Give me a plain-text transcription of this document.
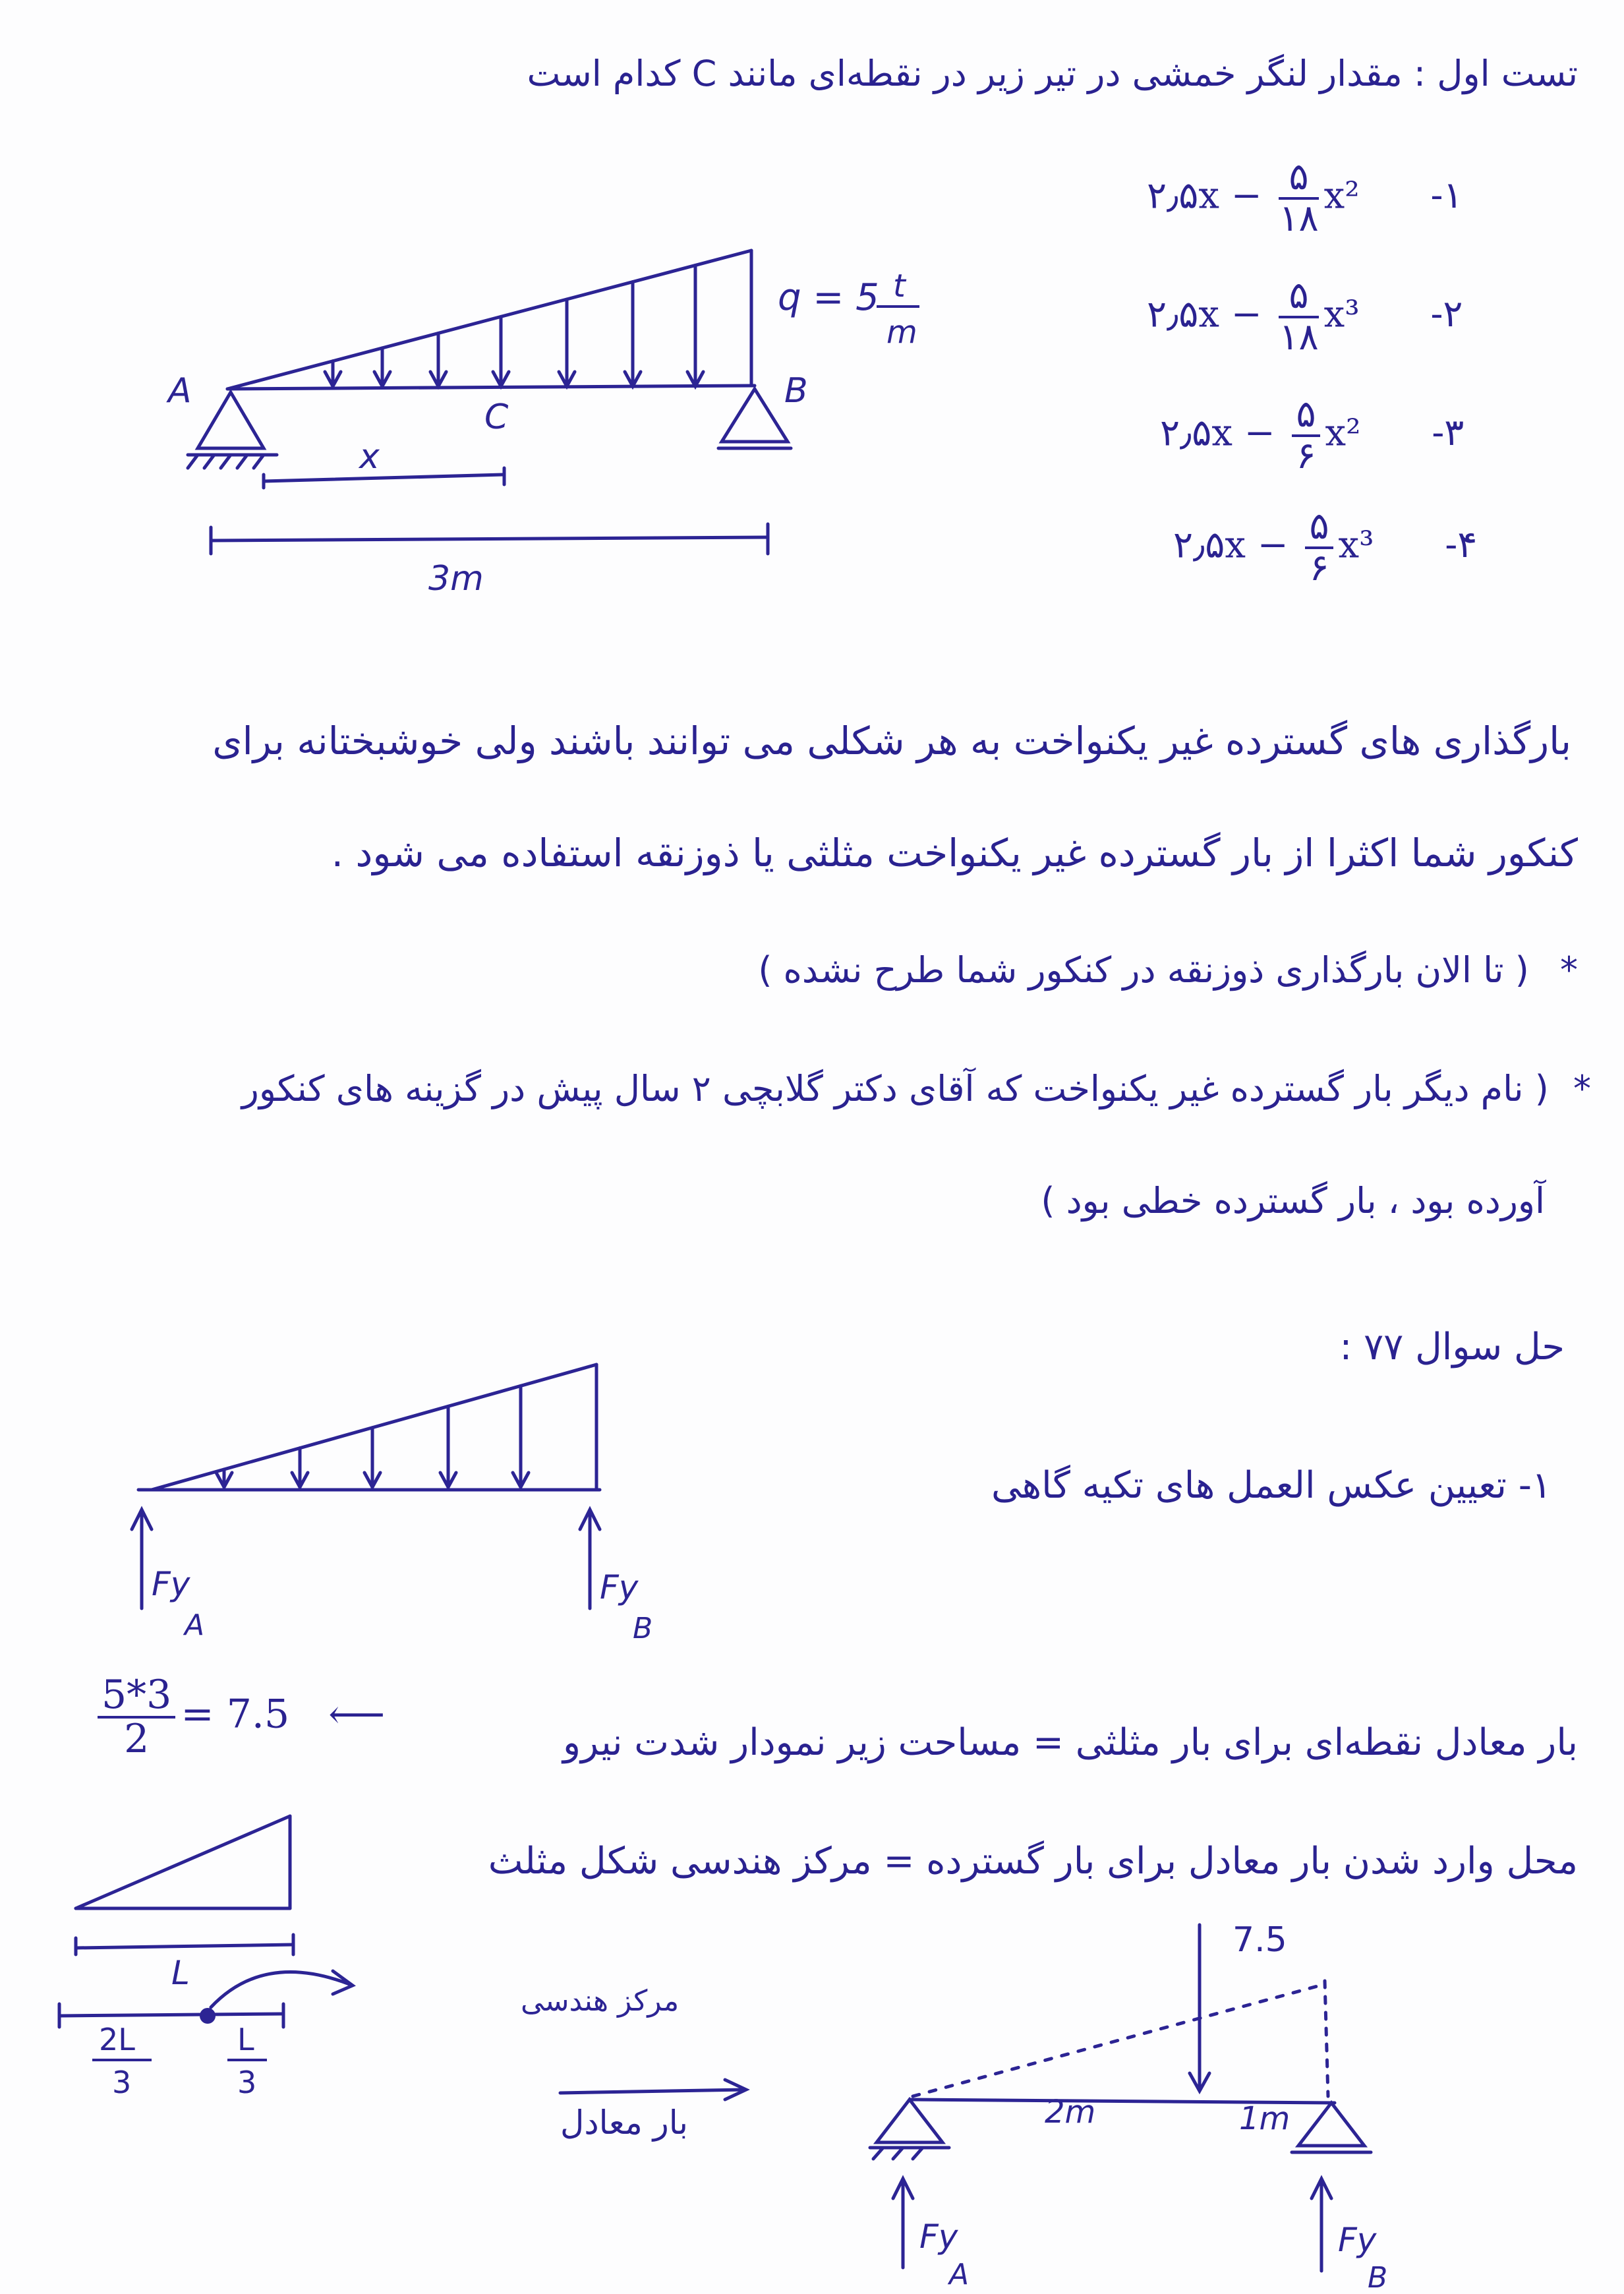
تست اول : مقدار لنگر خمشی در تیر زیر در نقطه‌ای مانند C کدام است
۲٫۵x − $\frac{۵}{۱۸} x^2$ -۱
۲٫۵x − $\frac{۵}{۱۸} x^3$ -۲
۲٫۵x − $\frac{۵}{۶} x^2$ -۳
۲٫۵x − $\frac{۵}{۶} x^3$ -۴
A	B
C
x
3m
q = 5 t
m
بارگذاری های گسترده غیر یکنواخت به هر شکلی می توانند باشند ولی خوشبختانه برای
کنکور شما اکثرا از بار گسترده غیر یکنواخت مثلثی یا ذوزنقه استفاده می شود .
* ( تا الان بارگذاری ذوزنقه در کنکور شما طرح نشده )
* ( نام دیگر بار گسترده غیر یکنواخت که آقای دکتر گلابچی ۲ سال پیش در گزینه های کنکور
آورده بود ، بار گسترده خطی بود )
حل سوال ۷۷ :
۱- تعیین عکس العمل های تکیه گاهی
Fy
A
Fy
B
$\frac{5*3}{2} = 7.5$ ⟵
بار معادل نقطه‌ای برای بار مثلثی = مساحت زیر نمودار شدت نیرو
محل وارد شدن بار معادل برای بار گسترده = مرکز هندسی شکل مثلث
L
2L
3
L
3
مرکز هندسی
بار معادل
7.5
2m	1m
Fy
A
Fy
B
